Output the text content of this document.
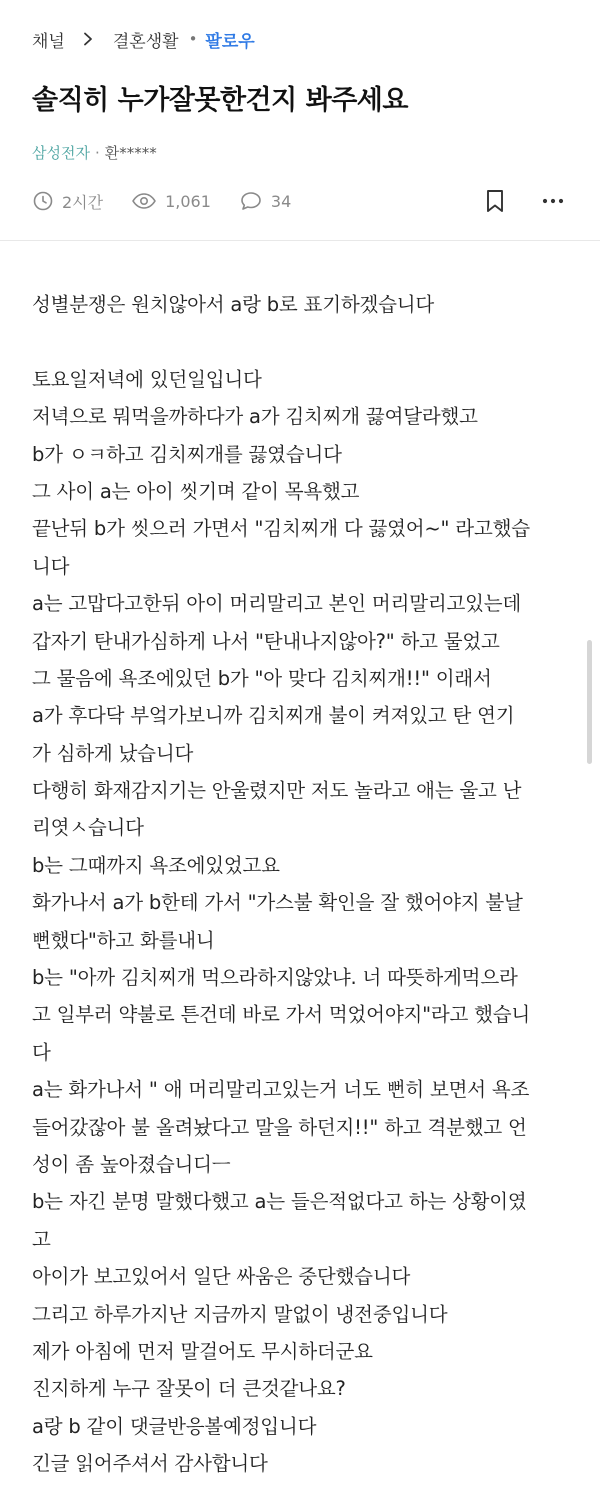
채널	결혼생활 • 팔로우
솔직히 누가잘못한건지 봐주세요
삼성전자 · 환*****
2시간	1,061	34
성별분쟁은 원치않아서 a랑 b로 표기하겠습니다
토요일저녁에 있던일입니다
저녁으로 뭐먹을까하다가 a가 김치찌개 끓여달라했고
b가 ㅇㅋ하고 김치찌개를 끓였습니다
그 사이 a는 아이 씻기며 같이 목욕했고
끝난뒤 b가 씻으러 가면서 "김치찌개 다 끓였어~" 라고했습
니다
a는 고맙다고한뒤 아이 머리말리고 본인 머리말리고있는데
갑자기 탄내가심하게 나서 "탄내나지않아?" 하고 물었고
그 물음에 욕조에있던 b가 "아 맞다 김치찌개!!" 이래서
a가 후다닥 부엌가보니까 김치찌개 불이 켜져있고 탄 연기
가 심하게 났습니다
다행히 화재감지기는 안울렸지만 저도 놀라고 애는 울고 난
리엿ㅅ습니다
b는 그때까지 욕조에있었고요
화가나서 a가 b한테 가서 "가스불 확인을 잘 했어야지 불날
뻔했다"하고 화를내니
b는 "아까 김치찌개 먹으라하지않았냐. 너 따뜻하게먹으라
고 일부러 약불로 튼건데 바로 가서 먹었어야지"라고 했습니
다
a는 화가나서 " 애 머리말리고있는거 너도 뻔히 보면서 욕조
들어갔잖아 불 올려놨다고 말을 하던지!!" 하고 격분했고 언
성이 좀 높아졌습니디ㅡ
b는 자긴 분명 말했다했고 a는 들은적없다고 하는 상황이였
고
아이가 보고있어서 일단 싸움은 중단했습니다
그리고 하루가지난 지금까지 말없이 냉전중입니다
제가 아침에 먼저 말걸어도 무시하더군요
진지하게 누구 잘못이 더 큰것같나요?
a랑 b 같이 댓글반응볼예정입니다
긴글 읽어주셔서 감사합니다
